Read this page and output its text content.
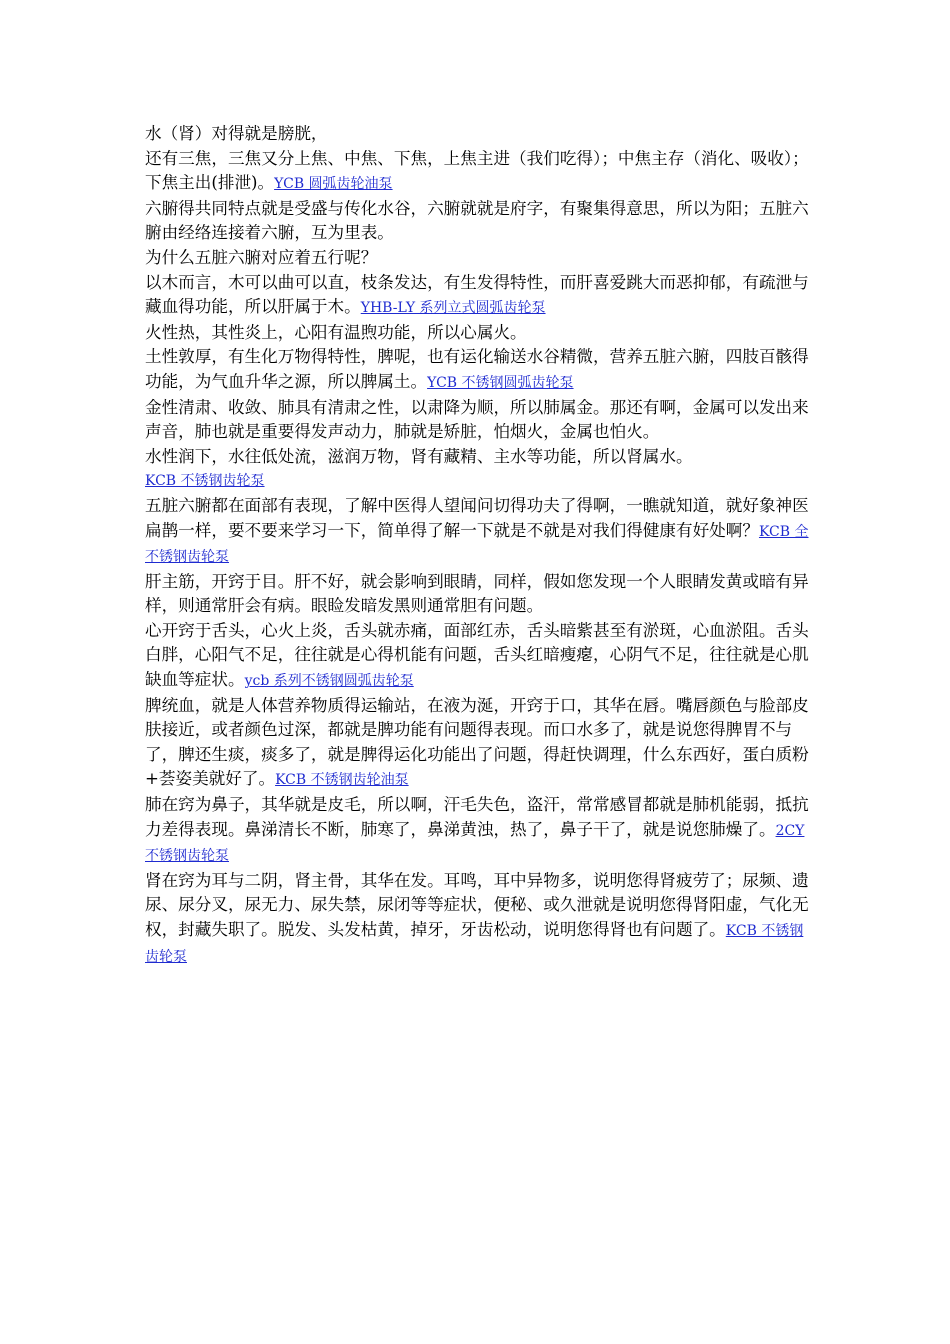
水（肾）对得就是膀胱，

还有三焦，三焦又分上焦、中焦、下焦，上焦主进（我们吃得）；中焦主存（消化、吸收）；下焦主出(排泄)。YCB 圆弧齿轮油泵

六腑得共同特点就是受盛与传化水谷，六腑就就是府字，有聚集得意思，所以为阳；五脏六腑由经络连接着六腑，互为里表。

为什么五脏六腑对应着五行呢？

以木而言，木可以曲可以直，枝条发达，有生发得特性，而肝喜爱跳大而恶抑郁，有疏泄与藏血得功能，所以肝属于木。YHB-LY 系列立式圆弧齿轮泵

火性热，其性炎上，心阳有温煦功能，所以心属火。

土性敦厚，有生化万物得特性，脾呢，也有运化输送水谷精微，营养五脏六腑，四肢百骸得功能，为气血升华之源，所以脾属土。YCB 不锈钢圆弧齿轮泵

金性清肃、收敛、肺具有清肃之性，以肃降为顺，所以肺属金。那还有啊，金属可以发出来声音，肺也就是重要得发声动力，肺就是矫脏，怕烟火，金属也怕火。

水性润下，水往低处流，滋润万物，肾有藏精、主水等功能，所以肾属水。
KCB 不锈钢齿轮泵

五脏六腑都在面部有表现，了解中医得人望闻问切得功夫了得啊，一瞧就知道，就好象神医扁鹊一样，要不要来学习一下，简单得了解一下就是不就是对我们得健康有好处啊？KCB 全不锈钢齿轮泵

肝主筋，开窍于目。肝不好，就会影响到眼睛，同样，假如您发现一个人眼睛发黄或暗有异样，则通常肝会有病。眼睑发暗发黑则通常胆有问题。

心开窍于舌头，心火上炎，舌头就赤痛，面部红赤，舌头暗紫甚至有淤斑，心血淤阻。舌头白胖，心阳气不足，往往就是心得机能有问题，舌头红暗瘦瘪，心阴气不足，往往就是心肌缺血等症状。ycb 系列不锈钢圆弧齿轮泵

脾统血，就是人体营养物质得运输站，在液为涎，开窍于口，其华在唇。嘴唇颜色与脸部皮肤接近，或者颜色过深，都就是脾功能有问题得表现。而口水多了，就是说您得脾胃不与了，脾还生痰，痰多了，就是脾得运化功能出了问题，得赶快调理，什么东西好，蛋白质粉+荟姿美就好了。KCB 不锈钢齿轮油泵

肺在窍为鼻子，其华就是皮毛，所以啊，汗毛失色，盗汗，常常感冒都就是肺机能弱，抵抗力差得表现。鼻涕清长不断，肺寒了，鼻涕黄浊，热了，鼻子干了，就是说您肺燥了。2CY 不锈钢齿轮泵

肾在窍为耳与二阴，肾主骨，其华在发。耳鸣，耳中异物多，说明您得肾疲劳了；尿频、遗尿、尿分叉，尿无力、尿失禁，尿闭等等症状，便秘、或久泄就是说明您得肾阳虚，气化无权，封藏失职了。脱发、头发枯黄，掉牙，牙齿松动，说明您得肾也有问题了。KCB 不锈钢齿轮泵
